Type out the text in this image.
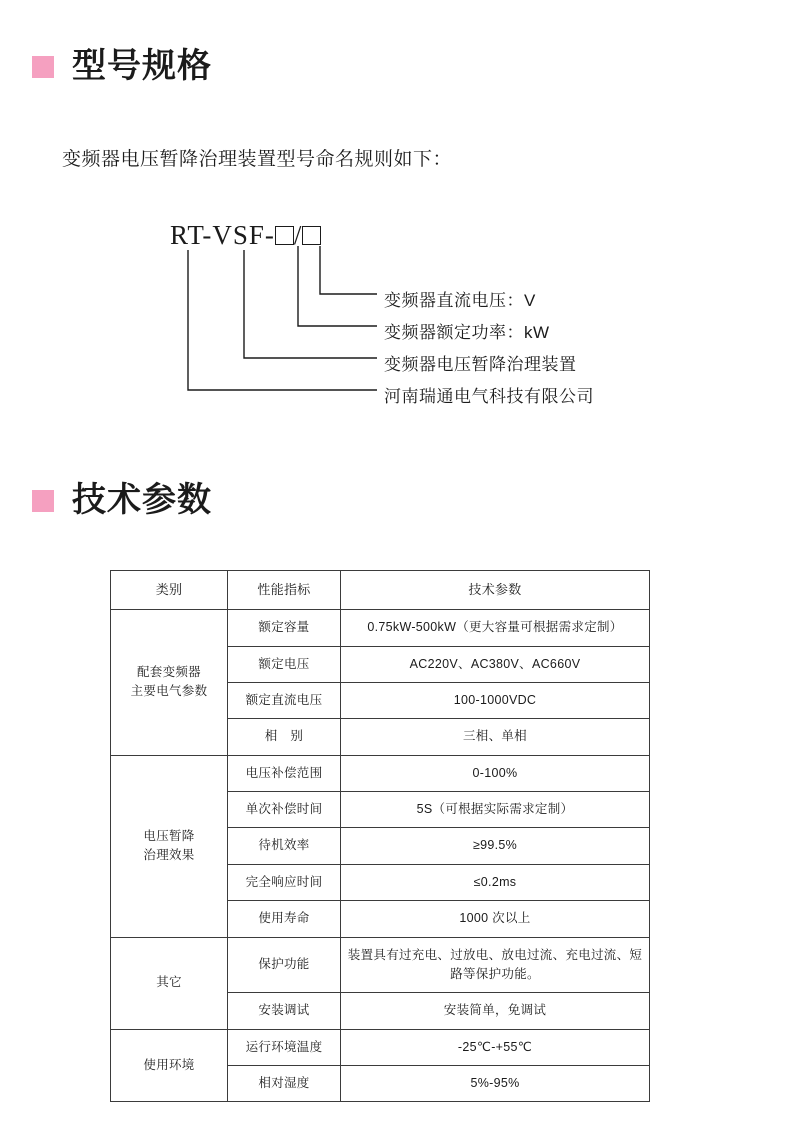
型号规格
变频器电压暂降治理装置型号命名规则如下：
RT-VSF- /
变频器直流电压：V
变频器额定功率：kW
变频器电压暂降治理装置
河南瑞通电气科技有限公司
技术参数
类别	性能指标	技术参数

配套变频器
主要电气参数	额定容量	0.75kW-500kW（更大容量可根据需求定制）
	额定电压	AC220V、AC380V、AC660V
	额定直流电压	100-1000VDC
	相　别	三相、单相

电压暂降
治理效果	电压补偿范围	0-100%
	单次补偿时间	5S（可根据实际需求定制）
	待机效率	≥99.5%
	完全响应时间	≤0.2ms
	使用寿命	1000 次以上

其它	保护功能	装置具有过充电、过放电、放电过流、充电过流、短路等保护功能。
	安装调试	安装简单，免调试

使用环境	运行环境温度	-25℃-+55℃
	相对湿度	5%-95%
